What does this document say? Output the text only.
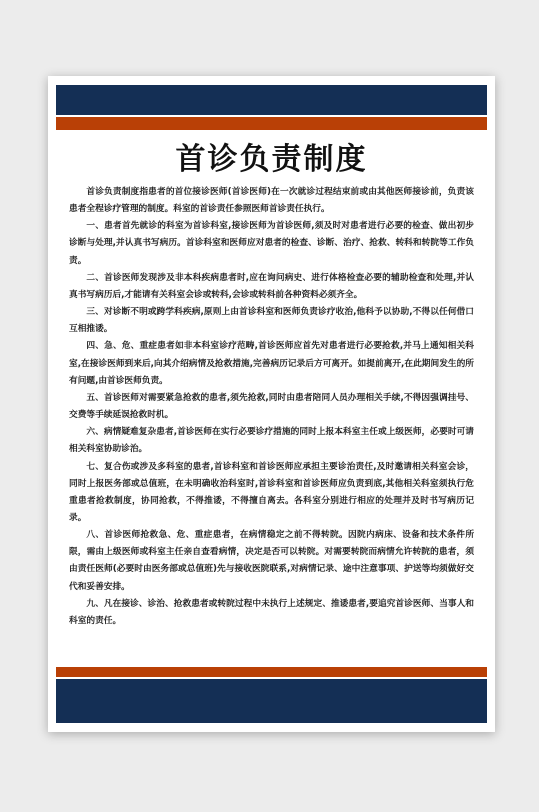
首诊负责制度

首诊负责制度指患者的首位接诊医师(首诊医师)在一次就诊过程结束前或由其他医师接诊前，负责该患者全程诊疗管理的制度。科室的首诊责任参照医师首诊责任执行。

一、患者首先就诊的科室为首诊科室,接诊医师为首诊医师,须及时对患者进行必要的检查、做出初步诊断与处理,并认真书写病历。首诊科室和医师应对患者的检查、诊断、治疗、抢救、转科和转院等工作负责。

二、首诊医师发现涉及非本科疾病患者时,应在询问病史、进行体格检查必要的辅助检查和处理,并认真书写病历后,才能请有关科室会诊或转科,会诊或转科前各种资料必须齐全。

三、对诊断不明或跨学科疾病,原则上由首诊科室和医师负责诊疗收治,他科予以协助,不得以任何借口互相推诿。

四、急、危、重症患者如非本科室诊疗范畴,首诊医师应首先对患者进行必要抢救,并马上通知相关科室,在接诊医师到来后,向其介绍病情及抢救措施,完善病历记录后方可离开。如提前离开,在此期间发生的所有问题,由首诊医师负责。

五、首诊医师对需要紧急抢救的患者,须先抢救,同时由患者陪同人员办理相关手续,不得因强调挂号、交费等手续延误抢救时机。

六、病情疑难复杂患者,首诊医师在实行必要诊疗措施的同时上报本科室主任或上级医师，必要时可请相关科室协助诊治。

七、复合伤或涉及多科室的患者,首诊科室和首诊医师应承担主要诊治责任,及时邀请相关科室会诊，同时上报医务部或总值班，在未明确收治科室时,首诊科室和首诊医师应负责到底,其他相关科室须执行危重患者抢救制度，协同抢救，不得推诿，不得擅自离去。各科室分别进行相应的处理并及时书写病历记录。

八、首诊医师抢救急、危、重症患者，在病情稳定之前不得转院。因院内病床、设备和技术条件所限，需由上级医师或科室主任亲自查看病情，决定是否可以转院。对需要转院而病情允许转院的患者，须由责任医师(必要时由医务部或总值班)先与接收医院联系,对病情记录、途中注意事项、护送等均须做好交代和妥善安排。

九、凡在接诊、诊治、抢救患者或转院过程中未执行上述规定、推诿患者,要追究首诊医师、当事人和科室的责任。
